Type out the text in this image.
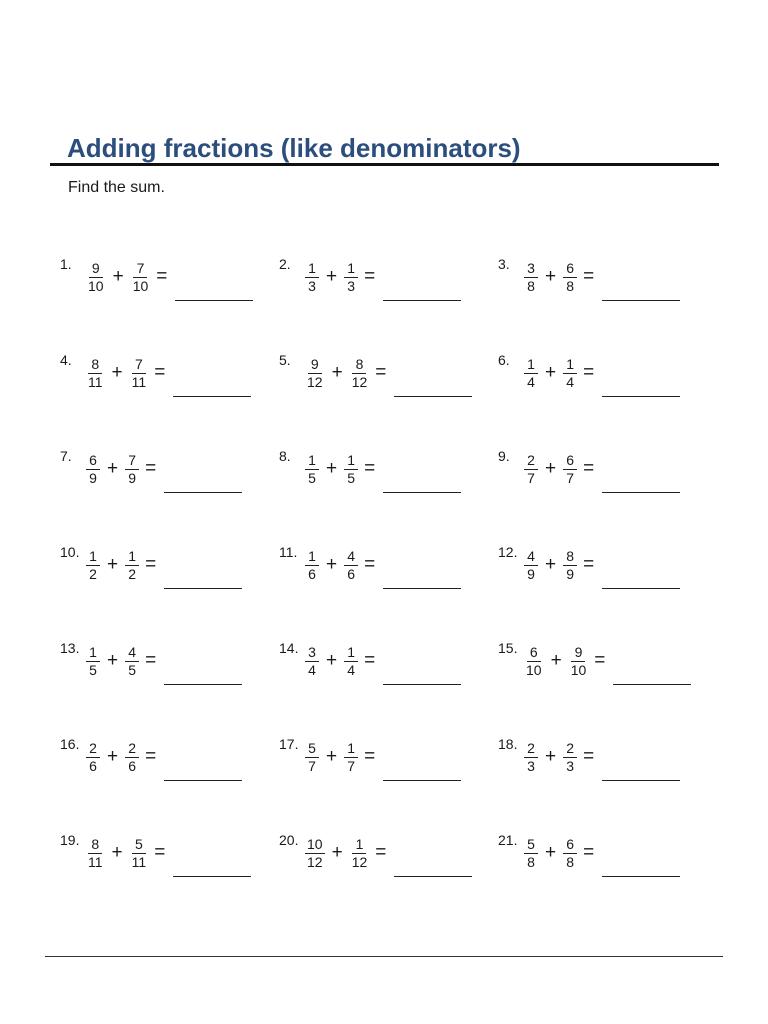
Adding fractions (like denominators)
Find the sum.
1.	$\frac{9}{10} + \frac{7}{10}$ =
2.	$\frac{1}{3} + \frac{1}{3}$ =
3.	$\frac{3}{8} + \frac{6}{8}$ =
4.	$\frac{8}{11} + \frac{7}{11}$ =
5.	$\frac{9}{12} + \frac{8}{12}$ =
6.	$\frac{1}{4} + \frac{1}{4}$ =
7.	$\frac{6}{9} + \frac{7}{9}$ =
8.	$\frac{1}{5} + \frac{1}{5}$ =
9.	$\frac{2}{7} + \frac{6}{7}$ =
10. $\frac{1}{2} + \frac{1}{2}$ =
11. $\frac{1}{6} + \frac{4}{6}$ =
12. $\frac{4}{9} + \frac{8}{9}$ =
13. $\frac{1}{5} + \frac{4}{5}$ =
14. $\frac{3}{4} + \frac{1}{4}$ =
15. $\frac{6}{10} + \frac{9}{10}$ =
16. $\frac{2}{6} + \frac{2}{6}$ =
17. $\frac{5}{7} + \frac{1}{7}$ =
18. $\frac{2}{3} + \frac{2}{3}$ =
19. $\frac{8}{11} + \frac{5}{11}$ =
20. $\frac{10}{12} + \frac{1}{12}$ =
21. $\frac{5}{8} + \frac{6}{8}$ =
